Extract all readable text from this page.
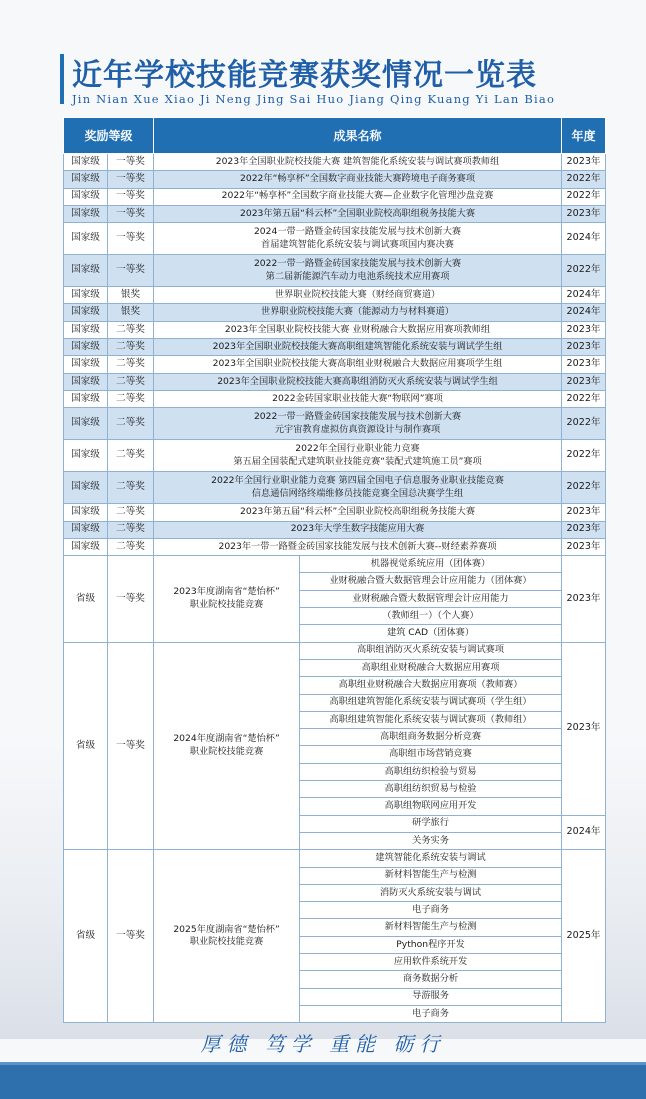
近年学校技能竞赛获奖情况一览表
Jin Nian Xue Xiao Ji Neng Jing Sai Huo Jiang Qing Kuang Yi Lan Biao
奖励等级		成果名称		年度
国家级	一等奖	2023年全国职业院校技能大赛 建筑智能化系统安装与调试赛项教师组		2023年
国家级	一等奖	2022年“畅享杯”全国数字商业技能大赛跨境电子商务赛项		2022年
国家级	一等奖	2022年“畅享杯”全国数字商业技能大赛—企业数字化管理沙盘竞赛		2022年
国家级	一等奖	2023年第五届“科云杯”全国职业院校高职组税务技能大赛		2023年
国家级	一等奖	2024一带一路暨金砖国家技能发展与技术创新大赛
首届建筑智能化系统安装与调试赛项国内赛决赛		2024年
国家级	一等奖	2022一带一路暨金砖国家技能发展与技术创新大赛
第二届新能源汽车动力电池系统技术应用赛项		2022年
国家级	银奖	世界职业院校技能大赛（财经商贸赛道）		2024年
国家级	银奖	世界职业院校技能大赛（能源动力与材料赛道）		2024年
国家级	二等奖	2023年全国职业院校技能大赛 业财税融合大数据应用赛项教师组		2023年
国家级	二等奖	2023年全国职业院校技能大赛高职组建筑智能化系统安装与调试学生组		2023年
国家级	二等奖	2023年全国职业院校技能大赛高职组业财税融合大数据应用赛项学生组		2023年
国家级	二等奖	2023年全国职业院校技能大赛高职组消防灭火系统安装与调试学生组		2023年
国家级	二等奖	2022金砖国家职业技能大赛“物联网”赛项		2022年
国家级	二等奖	2022一带一路暨金砖国家技能发展与技术创新大赛
元宇宙教育虚拟仿真资源设计与制作赛项		2022年
国家级	二等奖	2022年全国行业职业能力竞赛
第五届全国装配式建筑职业技能竞赛“装配式建筑施工员”赛项		2022年
国家级	二等奖	2022年全国行业职业能力竞赛 第四届全国电子信息服务业职业技能竞赛
信息通信网络终端维修员技能竞赛全国总决赛学生组		2022年
国家级	二等奖	2023年第五届“科云杯”全国职业院校高职组税务技能大赛		2023年
国家级	二等奖	2023年大学生数字技能应用大赛		2023年
国家级	二等奖	2023年一带一路暨金砖国家技能发展与技术创新大赛--财经素养赛项		2023年
省级	一等奖	2023年度湖南省“楚怡杯”
职业院校技能竞赛	机器视觉系统应用（团体赛）	2023年
			业财税融合暨大数据管理会计应用能力（团体赛）	
			业财税融合暨大数据管理会计应用能力	
			（教师组一）（个人赛）	
			建筑 CAD（团体赛）	
省级	一等奖	2024年度湖南省“楚怡杯”
职业院校技能竞赛	高职组消防灭火系统安装与调试赛项	2023年
			高职组业财税融合大数据应用赛项	
			高职组业财税融合大数据应用赛项（教师赛）	
			高职组建筑智能化系统安装与调试赛项（学生组）	
			高职组建筑智能化系统安装与调试赛项（教师组）	
			高职组商务数据分析竞赛	
			高职组市场营销竞赛	
			高职组纺织检验与贸易	
			高职组纺织贸易与检验	
			高职组物联网应用开发	
			研学旅行	2024年
			关务实务	
省级	一等奖	2025年度湖南省“楚怡杯”
职业院校技能竞赛	建筑智能化系统安装与调试	2025年
			新材料智能生产与检测	
			消防灭火系统安装与调试	
			电子商务	
			新材料智能生产与检测	
			Python程序开发	
			应用软件系统开发	
			商务数据分析	
			导游服务	
			电子商务	
厚德 笃学 重能 砺行
